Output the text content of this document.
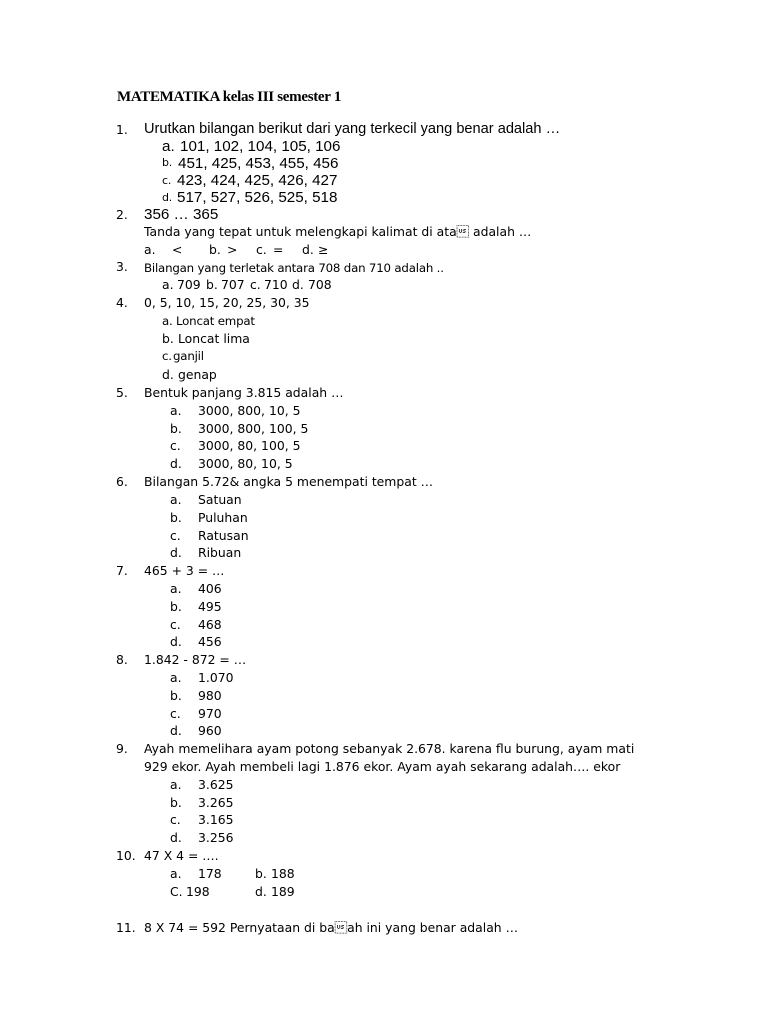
MATEMATIKA kelas III semester 1
1. Urutkan bilangan berikut dari yang terkecil yang benar adalah …
a. 101, 102, 104, 105, 106
b. 451, 425, 453, 455, 456
c. 423, 424, 425, 426, 427
d. 517, 527, 526, 525, 518
2. 356 … 365
Tanda yang tepat untuk melengkapi kalimat di ata adalah …
a. < b. > c. = d. ≥
3. Bilangan yang terletak antara 708 dan 710 adalah ..
a. 709 b. 707 c. 710 d. 708
4. 0, 5, 10, 15, 20, 25, 30, 35
a. Loncat empat
b. Loncat lima
c. ganjil
d. genap
5. Bentuk panjang 3.815 adalah …
a. 3000, 800, 10, 5
b. 3000, 800, 100, 5
c. 3000, 80, 100, 5
d. 3000, 80, 10, 5
6. Bilangan 5.72& angka 5 menempati tempat …
a. Satuan
b. Puluhan
c. Ratusan
d. Ribuan
7. 465 + 3 = …
a. 406
b. 495
c. 468
d. 456
8. 1.842 - 872 = …
a. 1.070
b. 980
c. 970
d. 960
9. Ayah memelihara ayam potong sebanyak 2.678. karena flu burung, ayam mati
929 ekor. Ayah membeli lagi 1.876 ekor. Ayam ayah sekarang adalah…. ekor
a. 3.625
b. 3.265
c. 3.165
d. 3.256
10. 47 X 4 = ….
a. 178	b. 188
C. 198	d. 189
11. 8 X 74 = 592 Pernyataan di baah ini yang benar adalah …
